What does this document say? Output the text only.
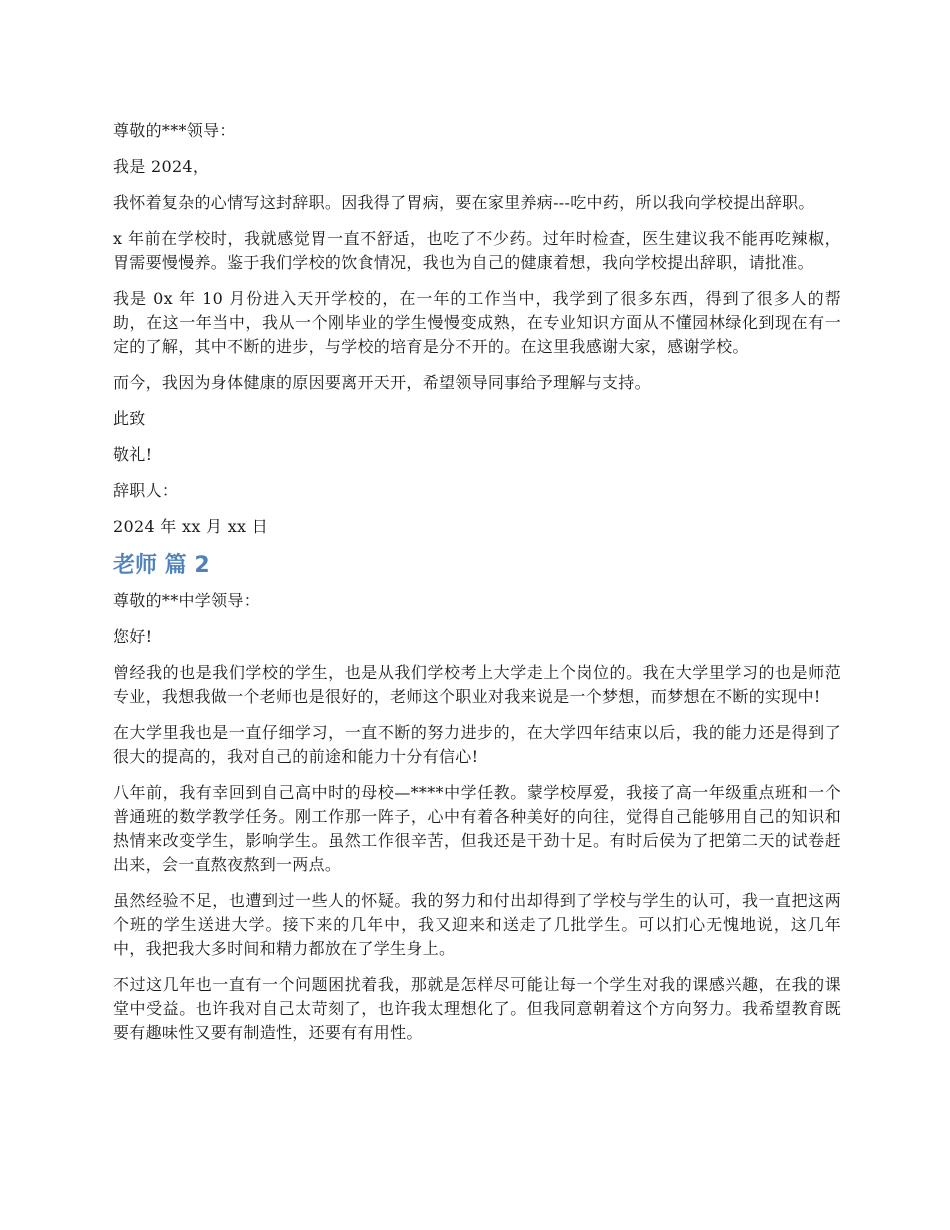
尊敬的***领导：

我是 2024，

我怀着复杂的心情写这封辞职。因我得了胃病，要在家里养病---吃中药，所以我向学校提出辞职。

x 年前在学校时，我就感觉胃一直不舒适，也吃了不少药。过年时检查，医生建议我不能再吃辣椒，胃需要慢慢养。鉴于我们学校的饮食情况，我也为自己的健康着想，我向学校提出辞职，请批准。

我是 0x 年 10 月份进入天开学校的，在一年的工作当中，我学到了很多东西，得到了很多人的帮助，在这一年当中，我从一个刚毕业的学生慢慢变成熟，在专业知识方面从不懂园林绿化到现在有一定的了解，其中不断的进步，与学校的培育是分不开的。在这里我感谢大家，感谢学校。

而今，我因为身体健康的原因要离开天开，希望领导同事给予理解与支持。

此致

敬礼!

辞职人：

2024 年 xx 月 xx 日

老师 篇 2

尊敬的**中学领导：

您好!

曾经我的也是我们学校的学生，也是从我们学校考上大学走上个岗位的。我在大学里学习的也是师范专业，我想我做一个老师也是很好的，老师这个职业对我来说是一个梦想，而梦想在不断的实现中!

在大学里我也是一直仔细学习，一直不断的努力进步的，在大学四年结束以后，我的能力还是得到了很大的提高的，我对自己的前途和能力十分有信心!

八年前，我有幸回到自己高中时的母校—****中学任教。蒙学校厚爱，我接了高一年级重点班和一个普通班的数学教学任务。刚工作那一阵子，心中有着各种美好的向往，觉得自己能够用自己的知识和热情来改变学生，影响学生。虽然工作很辛苦，但我还是干劲十足。有时后侯为了把第二天的试卷赶出来，会一直熬夜熬到一两点。

虽然经验不足，也遭到过一些人的怀疑。我的努力和付出却得到了学校与学生的认可，我一直把这两个班的学生送进大学。接下来的几年中，我又迎来和送走了几批学生。可以扪心无愧地说，这几年中，我把我大多时间和精力都放在了学生身上。

不过这几年也一直有一个问题困扰着我，那就是怎样尽可能让每一个学生对我的课感兴趣，在我的课堂中受益。也许我对自己太苛刻了，也许我太理想化了。但我同意朝着这个方向努力。我希望教育既要有趣味性又要有制造性，还要有有用性。
